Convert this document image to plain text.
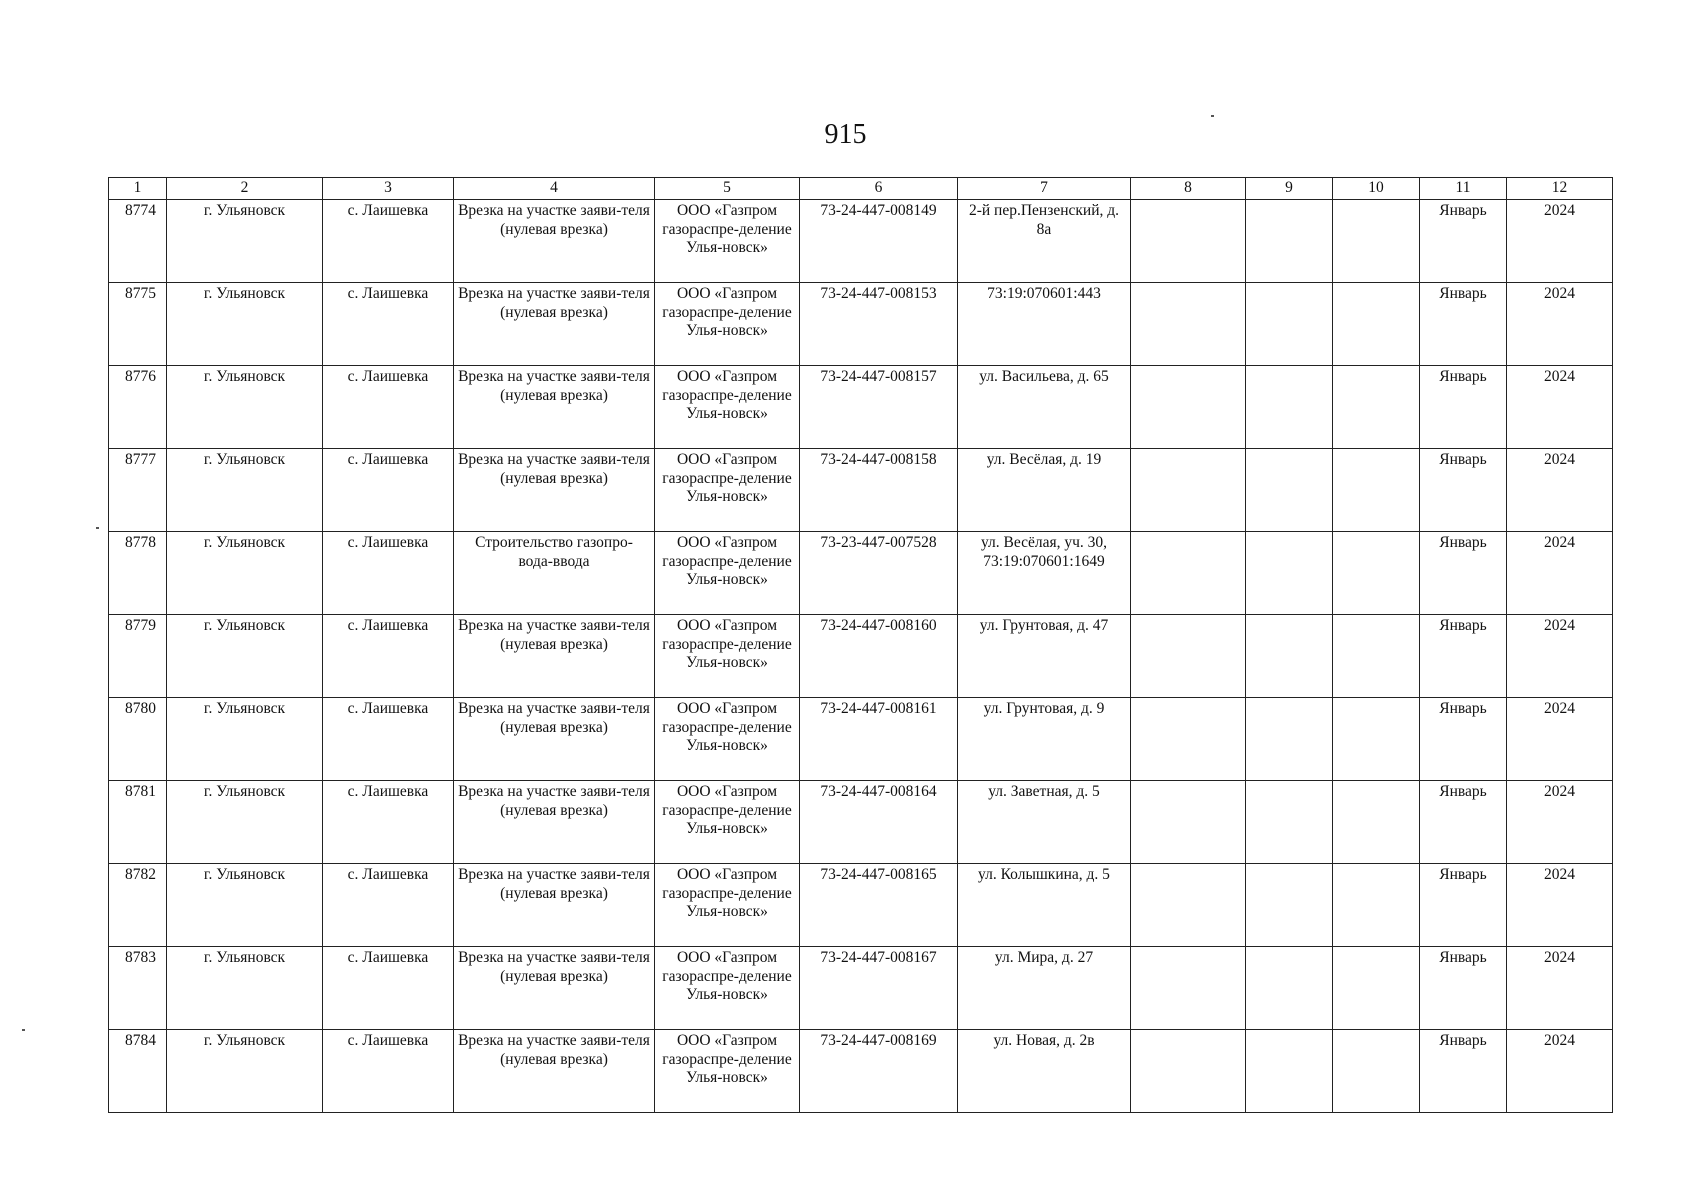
915
1	2	3	4	5	6	7	8	9	10	11	12
8774	г. Ульяновск	с. Лаишевка	Врезка на участке заяви-теля (нулевая врезка)	ООО «Газпром газораспре-деление Улья-новск»	73-24-447-008149	2-й пер.Пензенский, д. 8а				Январь	2024
8775	г. Ульяновск	с. Лаишевка	Врезка на участке заяви-теля (нулевая врезка)	ООО «Газпром газораспре-деление Улья-новск»	73-24-447-008153	73:19:070601:443				Январь	2024
8776	г. Ульяновск	с. Лаишевка	Врезка на участке заяви-теля (нулевая врезка)	ООО «Газпром газораспре-деление Улья-новск»	73-24-447-008157	ул. Васильева, д. 65				Январь	2024
8777	г. Ульяновск	с. Лаишевка	Врезка на участке заяви-теля (нулевая врезка)	ООО «Газпром газораспре-деление Улья-новск»	73-24-447-008158	ул. Весёлая, д. 19				Январь	2024
8778	г. Ульяновск	с. Лаишевка	Строительство газопро-вода-ввода	ООО «Газпром газораспре-деление Улья-новск»	73-23-447-007528	ул. Весёлая, уч. 30, 73:19:070601:1649				Январь	2024
8779	г. Ульяновск	с. Лаишевка	Врезка на участке заяви-теля (нулевая врезка)	ООО «Газпром газораспре-деление Улья-новск»	73-24-447-008160	ул. Грунтовая, д. 47				Январь	2024
8780	г. Ульяновск	с. Лаишевка	Врезка на участке заяви-теля (нулевая врезка)	ООО «Газпром газораспре-деление Улья-новск»	73-24-447-008161	ул. Грунтовая, д. 9				Январь	2024
8781	г. Ульяновск	с. Лаишевка	Врезка на участке заяви-теля (нулевая врезка)	ООО «Газпром газораспре-деление Улья-новск»	73-24-447-008164	ул. Заветная, д. 5				Январь	2024
8782	г. Ульяновск	с. Лаишевка	Врезка на участке заяви-теля (нулевая врезка)	ООО «Газпром газораспре-деление Улья-новск»	73-24-447-008165	ул. Колышкина, д. 5				Январь	2024
8783	г. Ульяновск	с. Лаишевка	Врезка на участке заяви-теля (нулевая врезка)	ООО «Газпром газораспре-деление Улья-новск»	73-24-447-008167	ул. Мира, д. 27				Январь	2024
8784	г. Ульяновск	с. Лаишевка	Врезка на участке заяви-теля (нулевая врезка)	ООО «Газпром газораспре-деление Улья-новск»	73-24-447-008169	ул. Новая, д. 2в				Январь	2024
